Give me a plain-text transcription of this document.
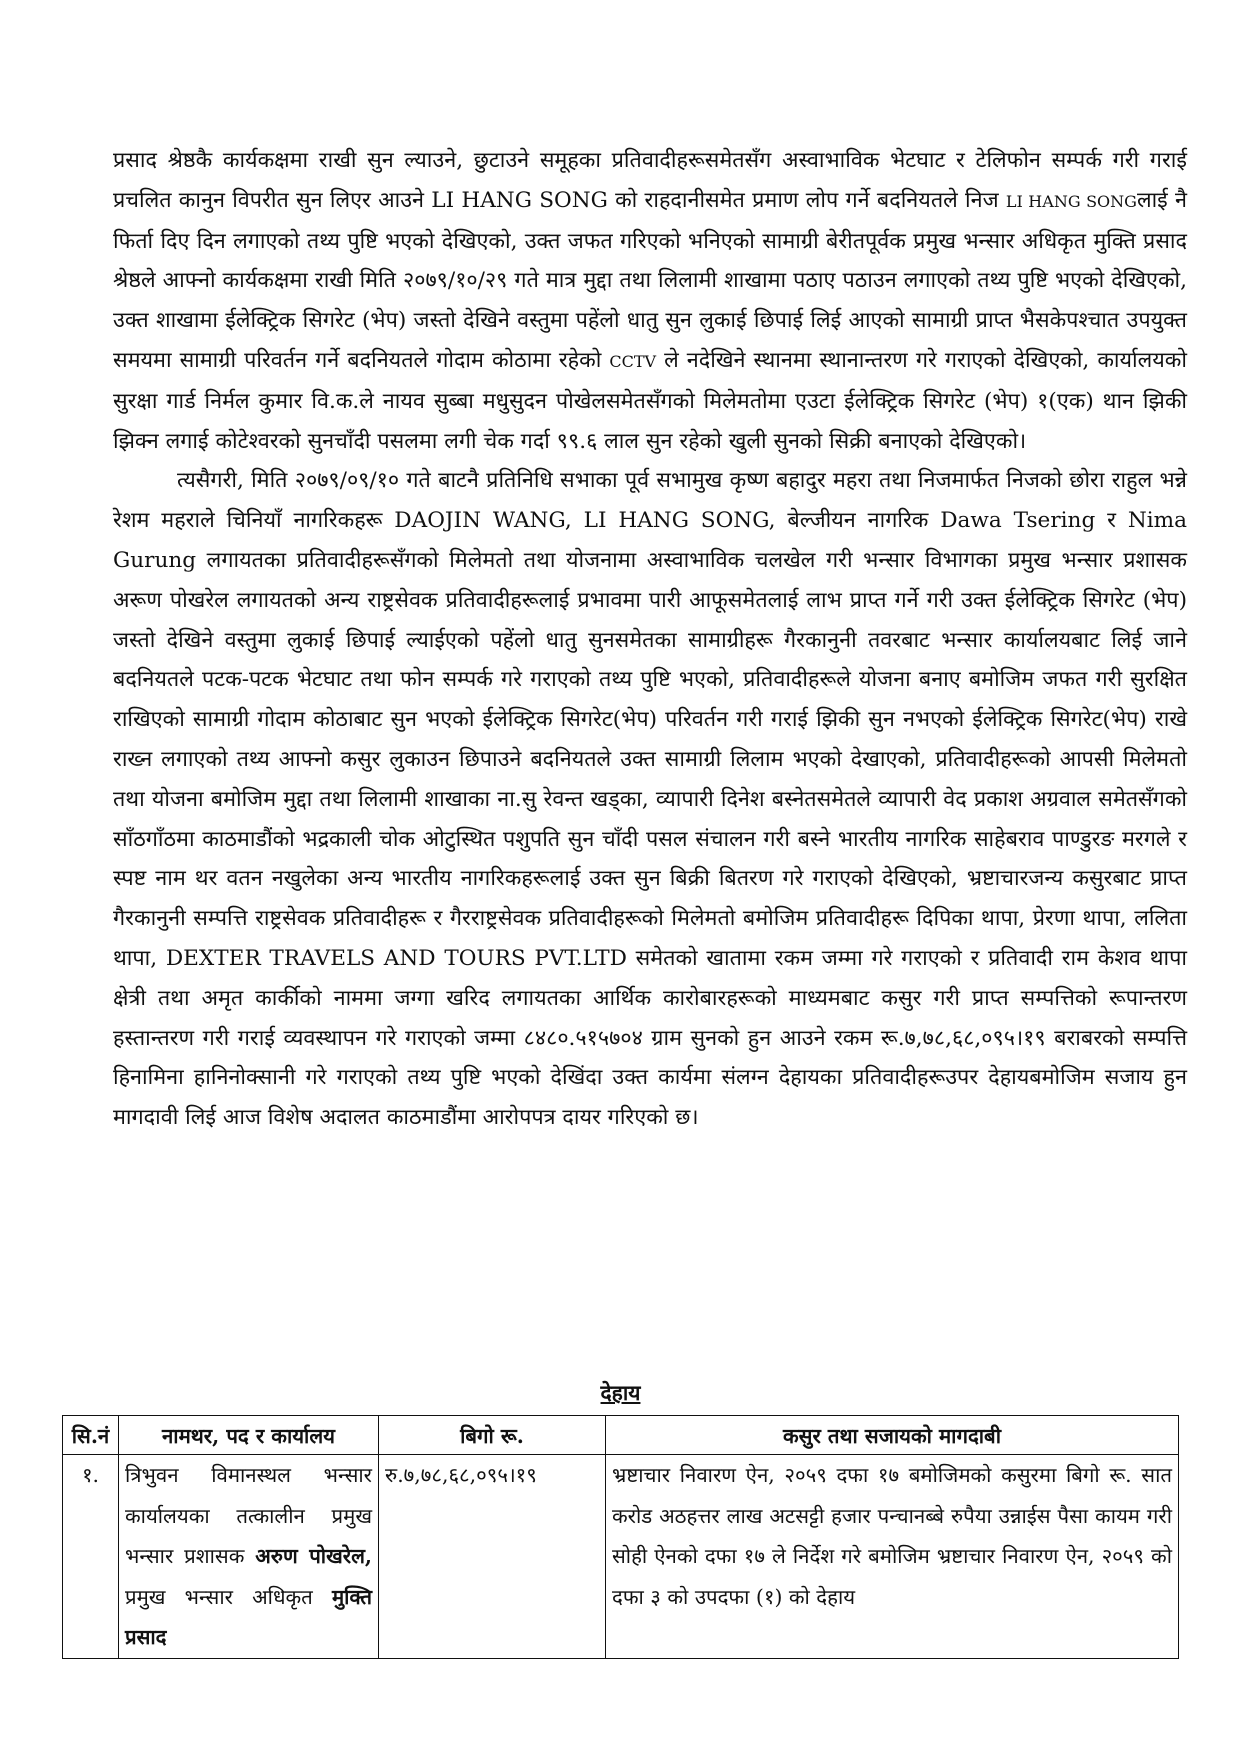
प्रसाद श्रेष्ठकै कार्यकक्षमा राखी सुन ल्याउने, छुटाउने समूहका प्रतिवादीहरूसमेतसँग अस्वाभाविक भेटघाट र टेलिफोन सम्पर्क गरी गराई प्रचलित कानुन विपरीत सुन लिएर आउने LI HANG SONG को राहदानीसमेत प्रमाण लोप गर्ने बदनियतले निज LI HANG SONGलाई नै फिर्ता दिए दिन लगाएको तथ्य पुष्टि भएको देखिएको, उक्त जफत गरिएको भनिएको सामाग्री बेरीतपूर्वक प्रमुख भन्सार अधिकृत मुक्ति प्रसाद श्रेष्ठले आफ्नो कार्यकक्षमा राखी मिति २०७९/१०/२९ गते मात्र मुद्दा तथा लिलामी शाखामा पठाए पठाउन लगाएको तथ्य पुष्टि भएको देखिएको, उक्त शाखामा ईलेक्ट्रिक सिगरेट (भेप) जस्तो देखिने वस्तुमा पहेंलो धातु सुन लुकाई छिपाई लिई आएको सामाग्री प्राप्त भैसकेपश्चात उपयुक्त समयमा सामाग्री परिवर्तन गर्ने बदनियतले गोदाम कोठामा रहेको CCTV ले नदेखिने स्थानमा स्थानान्तरण गरे गराएको देखिएको, कार्यालयको सुरक्षा गार्ड निर्मल कुमार वि.क.ले नायव सुब्बा मधुसुदन पोखेलसमेतसँगको मिलेमतोमा एउटा ईलेक्ट्रिक सिगरेट (भेप) १(एक) थान झिकी झिक्न लगाई कोटेश्वरको सुनचाँदी पसलमा लगी चेक गर्दा ९९.६ लाल सुन रहेको खुली सुनको सिक्री बनाएको देखिएको।

त्यसैगरी, मिति २०७९/०९/१० गते बाटनै प्रतिनिधि सभाका पूर्व सभामुख कृष्ण बहादुर महरा तथा निजमार्फत निजको छोरा राहुल भन्ने रेशम महराले चिनियाँ नागरिकहरू DAOJIN WANG, LI HANG SONG, बेल्जीयन नागरिक Dawa Tsering र Nima Gurung लगायतका प्रतिवादीहरूसँगको मिलेमतो तथा योजनामा अस्वाभाविक चलखेल गरी भन्सार विभागका प्रमुख भन्सार प्रशासक अरूण पोखरेल लगायतको अन्य राष्ट्रसेवक प्रतिवादीहरूलाई प्रभावमा पारी आफूसमेतलाई लाभ प्राप्त गर्ने गरी उक्त ईलेक्ट्रिक सिगरेट (भेप) जस्तो देखिने वस्तुमा लुकाई छिपाई ल्याईएको पहेंलो धातु सुनसमेतका सामाग्रीहरू गैरकानुनी तवरबाट भन्सार कार्यालयबाट लिई जाने बदनियतले पटक-पटक भेटघाट तथा फोन सम्पर्क गरे गराएको तथ्य पुष्टि भएको, प्रतिवादीहरूले योजना बनाए बमोजिम जफत गरी सुरक्षित राखिएको सामाग्री गोदाम कोठाबाट सुन भएको ईलेक्ट्रिक सिगरेट(भेप) परिवर्तन गरी गराई झिकी सुन नभएको ईलेक्ट्रिक सिगरेट(भेप) राखे राख्न लगाएको तथ्य आफ्नो कसुर लुकाउन छिपाउने बदनियतले उक्त सामाग्री लिलाम भएको देखाएको, प्रतिवादीहरूको आपसी मिलेमतो तथा योजना बमोजिम मुद्दा तथा लिलामी शाखाका ना.सु रेवन्त खड्का, व्यापारी दिनेश बस्नेतसमेतले व्यापारी वेद प्रकाश अग्रवाल समेतसँगको साँठगाँठमा काठमाडौंको भद्रकाली चोक ओटुस्थित पशुपति सुन चाँदी पसल संचालन गरी बस्ने भारतीय नागरिक साहेबराव पाण्डुरङ मरगले र स्पष्ट नाम थर वतन नखुलेका अन्य भारतीय नागरिकहरूलाई उक्त सुन बिक्री बितरण गरे गराएको देखिएको, भ्रष्टाचारजन्य कसुरबाट प्राप्त गैरकानुनी सम्पत्ति राष्ट्रसेवक प्रतिवादीहरू र गैरराष्ट्रसेवक प्रतिवादीहरूको मिलेमतो बमोजिम प्रतिवादीहरू दिपिका थापा, प्रेरणा थापा, ललिता थापा, DEXTER TRAVELS AND TOURS PVT.LTD समेतको खातामा रकम जम्मा गरे गराएको र प्रतिवादी राम केशव थापा क्षेत्री तथा अमृत कार्कीको नाममा जग्गा खरिद लगायतका आर्थिक कारोबारहरूको माध्यमबाट कसुर गरी प्राप्त सम्पत्तिको रूपान्तरण हस्तान्तरण गरी गराई व्यवस्थापन गरे गराएको जम्मा ८४८०.५१५७०४ ग्राम सुनको हुन आउने रकम रू.७,७८,६८,०९५।१९ बराबरको सम्पत्ति हिनामिना हानिनोक्सानी गरे गराएको तथ्य पुष्टि भएको देखिंदा उक्त कार्यमा संलग्न देहायका प्रतिवादीहरूउपर देहायबमोजिम सजाय हुन मागदावी लिई आज विशेष अदालत काठमाडौंमा आरोपपत्र दायर गरिएको छ।

देहाय
सि.नं	नामथर, पद र कार्यालय	बिगो रू.	कसुर तथा सजायको मागदाबी
१.	त्रिभुवन विमानस्थल भन्सार कार्यालयका तत्कालीन प्रमुख भन्सार प्रशासक अरुण पोखरेल, प्रमुख भन्सार अधिकृत मुक्ति प्रसाद	रु.७,७८,६८,०९५।१९	भ्रष्टाचार निवारण ऐन, २०५९ दफा १७ बमोजिमको कसुरमा बिगो रू. सात करोड अठहत्तर लाख अटसट्टी हजार पन्चानब्बे रुपैया उन्नाईस पैसा कायम गरी सोही ऐनको दफा १७ ले निर्देश गरे बमोजिम भ्रष्टाचार निवारण ऐन, २०५९ को दफा ३ को उपदफा (१) को देहाय
